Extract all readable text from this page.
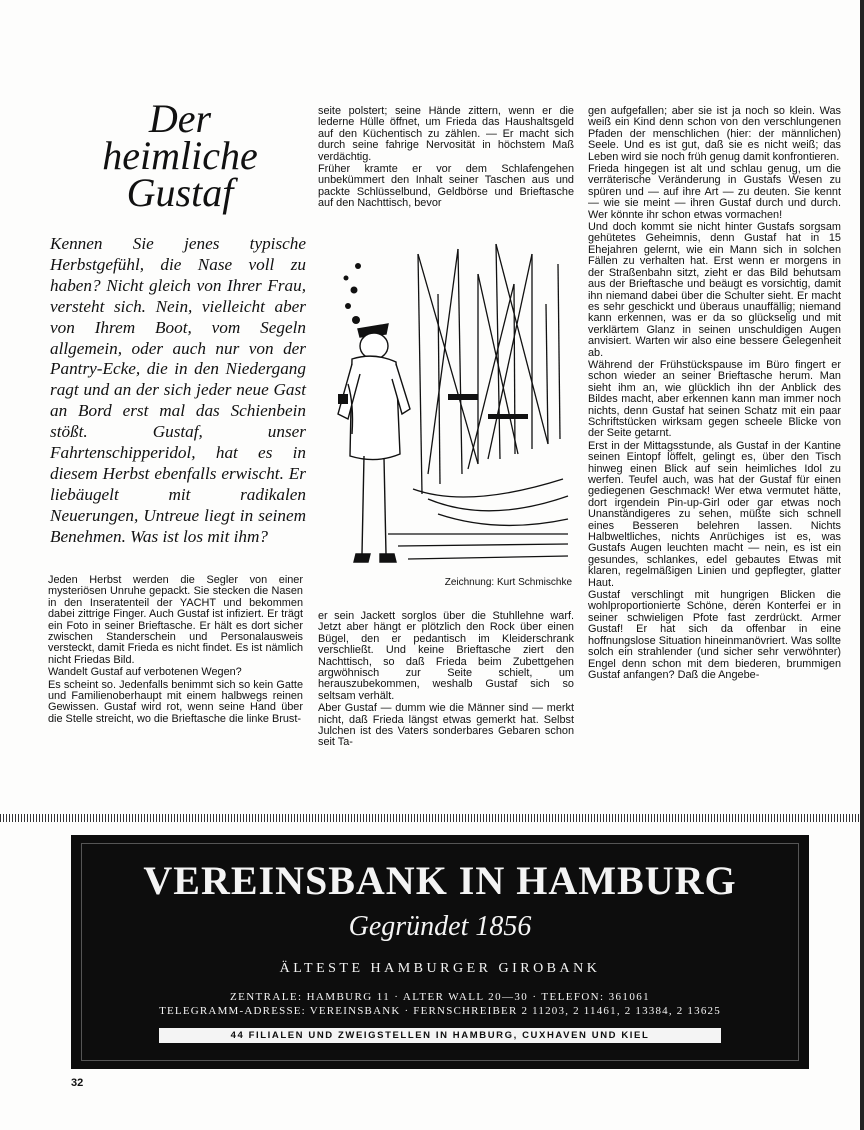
Der
heimliche
Gustaf
Kennen Sie jenes typische Herbstgefühl, die Nase voll zu haben? Nicht gleich von Ihrer Frau, versteht sich. Nein, vielleicht aber von Ihrem Boot, vom Segeln allgemein, oder auch nur von der Pantry-Ecke, die in den Niedergang ragt und an der sich jeder neue Gast an Bord erst mal das Schienbein stößt. Gustaf, unser Fahrtenschipperidol, hat es in diesem Herbst ebenfalls erwischt. Er liebäugelt mit radikalen Neuerungen, Untreue liegt in seinem Benehmen. Was ist los mit ihm?

Jeden Herbst werden die Segler von einer mysteriösen Unruhe gepackt. Sie stecken die Nasen in den Inseratenteil der YACHT und bekommen dabei zittrige Finger. Auch Gustaf ist infiziert. Er trägt ein Foto in seiner Brieftasche. Er hält es dort sicher zwischen Standerschein und Personalausweis versteckt, damit Frieda es nicht findet. Es ist nämlich nicht Friedas Bild.

Wandelt Gustaf auf verbotenen Wegen?

Es scheint so. Jedenfalls benimmt sich so kein Gatte und Familienoberhaupt mit einem halbwegs reinen Gewissen. Gustaf wird rot, wenn seine Hand über die Stelle streicht, wo die Brieftasche die linke Brust-

seite polstert; seine Hände zittern, wenn er die lederne Hülle öffnet, um Frieda das Haushaltsgeld auf den Küchentisch zu zählen. — Er macht sich durch seine fahrige Nervosität in höchstem Maß verdächtig.

Früher kramte er vor dem Schlafengehen unbekümmert den Inhalt seiner Taschen aus und packte Schlüsselbund, Geldbörse und Brieftasche auf den Nachttisch, bevor

Zeichnung: Kurt Schmischke

er sein Jackett sorglos über die Stuhllehne warf. Jetzt aber hängt er plötzlich den Rock über einen Bügel, den er pedantisch im Kleiderschrank verschließt. Und keine Brieftasche ziert den Nachttisch, so daß Frieda beim Zubettgehen argwöhnisch zur Seite schielt, um herauszubekommen, weshalb Gustaf sich so seltsam verhält.

Aber Gustaf — dumm wie die Männer sind — merkt nicht, daß Frieda längst etwas gemerkt hat. Selbst Julchen ist des Vaters sonderbares Gebaren schon seit Ta-

gen aufgefallen; aber sie ist ja noch so klein. Was weiß ein Kind denn schon von den verschlungenen Pfaden der menschlichen (hier: der männlichen) Seele. Und es ist gut, daß sie es nicht weiß; das Leben wird sie noch früh genug damit konfrontieren.

Frieda hingegen ist alt und schlau genug, um die verräterische Veränderung in Gustafs Wesen zu spüren und — auf ihre Art — zu deuten. Sie kennt — wie sie meint — ihren Gustaf durch und durch. Wer könnte ihr schon etwas vormachen!

Und doch kommt sie nicht hinter Gustafs sorgsam gehütetes Geheimnis, denn Gustaf hat in 15 Ehejahren gelernt, wie ein Mann sich in solchen Fällen zu verhalten hat. Erst wenn er morgens in der Straßenbahn sitzt, zieht er das Bild behutsam aus der Brieftasche und beäugt es vorsichtig, damit ihn niemand dabei über die Schulter sieht. Er macht es sehr geschickt und überaus unauffällig; niemand kann erkennen, was er da so glückselig und mit verklärtem Glanz in seinen unschuldigen Augen anvisiert. Warten wir also eine bessere Gelegenheit ab.

Während der Frühstückspause im Büro fingert er schon wieder an seiner Brieftasche herum. Man sieht ihm an, wie glücklich ihn der Anblick des Bildes macht, aber erkennen kann man immer noch nichts, denn Gustaf hat seinen Schatz mit ein paar Schriftstücken wirksam gegen scheele Blicke von der Seite getarnt.

Erst in der Mittagsstunde, als Gustaf in der Kantine seinen Eintopf löffelt, gelingt es, über den Tisch hinweg einen Blick auf sein heimliches Idol zu werfen. Teufel auch, was hat der Gustaf für einen gediegenen Geschmack! Wer etwa vermutet hätte, dort irgendein Pin-up-Girl oder gar etwas noch Unanständigeres zu sehen, müßte sich schnell eines Besseren belehren lassen. Nichts Halbweltliches, nichts Anrüchiges ist es, was Gustafs Augen leuchten macht — nein, es ist ein gesundes, schlankes, edel gebautes Etwas mit klaren, regelmäßigen Linien und gepflegter, glatter Haut.

Gustaf verschlingt mit hungrigen Blicken die wohlproportionierte Schöne, deren Konterfei er in seiner schwieligen Pfote fast zerdrückt. Armer Gustaf! Er hat sich da offenbar in eine hoffnungslose Situation hineinmanövriert. Was sollte solch ein strahlender (und sicher sehr verwöhnter) Engel denn schon mit dem biederen, brummigen Gustaf anfangen? Daß die Angebe-

VEREINSBANK IN HAMBURG
Gegründet 1856
ÄLTESTE HAMBURGER GIROBANK
ZENTRALE: HAMBURG 11 · ALTER WALL 20—30 · TELEFON: 361061
TELEGRAMM-ADRESSE: VEREINSBANK · FERNSCHREIBER 2 11203, 2 11461, 2 13384, 2 13625
44 FILIALEN UND ZWEIGSTELLEN IN HAMBURG, CUXHAVEN UND KIEL
32
